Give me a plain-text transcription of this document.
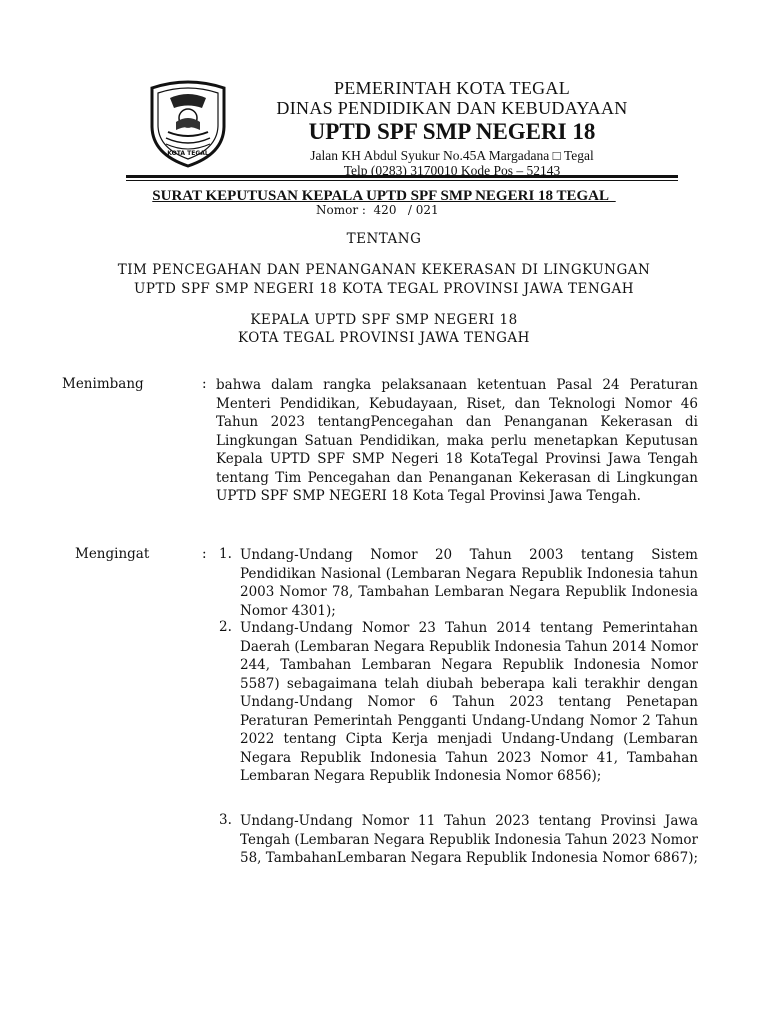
KOTA TEGAL
PEMERINTAH KOTA TEGAL
DINAS PENDIDIKAN DAN KEBUDAYAAN
UPTD SPF SMP NEGERI 18
Jalan KH Abdul Syukur No.45A Margadana □ Tegal
Telp (0283) 3170010 Kode Pos – 52143
SURAT KEPUTUSAN KEPALA UPTD SPF SMP NEGERI 18 TEGAL
Nomor :  420   / 021
TENTANG
TIM PENCEGAHAN DAN PENANGANAN KEKERASAN DI LINGKUNGAN
UPTD SPF SMP NEGERI 18 KOTA TEGAL PROVINSI JAWA TENGAH
KEPALA UPTD SPF SMP NEGERI 18
KOTA TEGAL PROVINSI JAWA TENGAH
Menimbang	: bahwa dalam rangka pelaksanaan ketentuan Pasal 24 Peraturan Menteri Pendidikan, Kebudayaan, Riset, dan Teknologi Nomor 46 Tahun 2023 tentangPencegahan dan Penanganan Kekerasan di Lingkungan Satuan Pendidikan, maka perlu menetapkan Keputusan Kepala UPTD SPF SMP Negeri 18 KotaTegal Provinsi Jawa Tengah tentang Tim Pencegahan dan Penanganan Kekerasan di Lingkungan UPTD SPF SMP NEGERI 18 Kota Tegal Provinsi Jawa Tengah.
Mengingat	: 1. Undang-Undang Nomor 20 Tahun 2003 tentang Sistem Pendidikan Nasional (Lembaran Negara Republik Indonesia tahun 2003 Nomor 78, Tambahan Lembaran Negara Republik Indonesia Nomor 4301);
2. Undang-Undang Nomor 23 Tahun 2014 tentang Pemerintahan Daerah (Lembaran Negara Republik Indonesia Tahun 2014 Nomor 244, Tambahan Lembaran Negara Republik Indonesia Nomor 5587) sebagaimana telah diubah beberapa kali terakhir dengan Undang-Undang Nomor 6 Tahun 2023 tentang Penetapan Peraturan Pemerintah Pengganti Undang-Undang Nomor 2 Tahun 2022 tentang Cipta Kerja menjadi Undang-Undang (Lembaran Negara Republik Indonesia Tahun 2023 Nomor 41, Tambahan Lembaran Negara Republik Indonesia Nomor 6856);
3. Undang-Undang Nomor 11 Tahun 2023 tentang Provinsi Jawa Tengah (Lembaran Negara Republik Indonesia Tahun 2023 Nomor 58, TambahanLembaran Negara Republik Indonesia Nomor 6867);
